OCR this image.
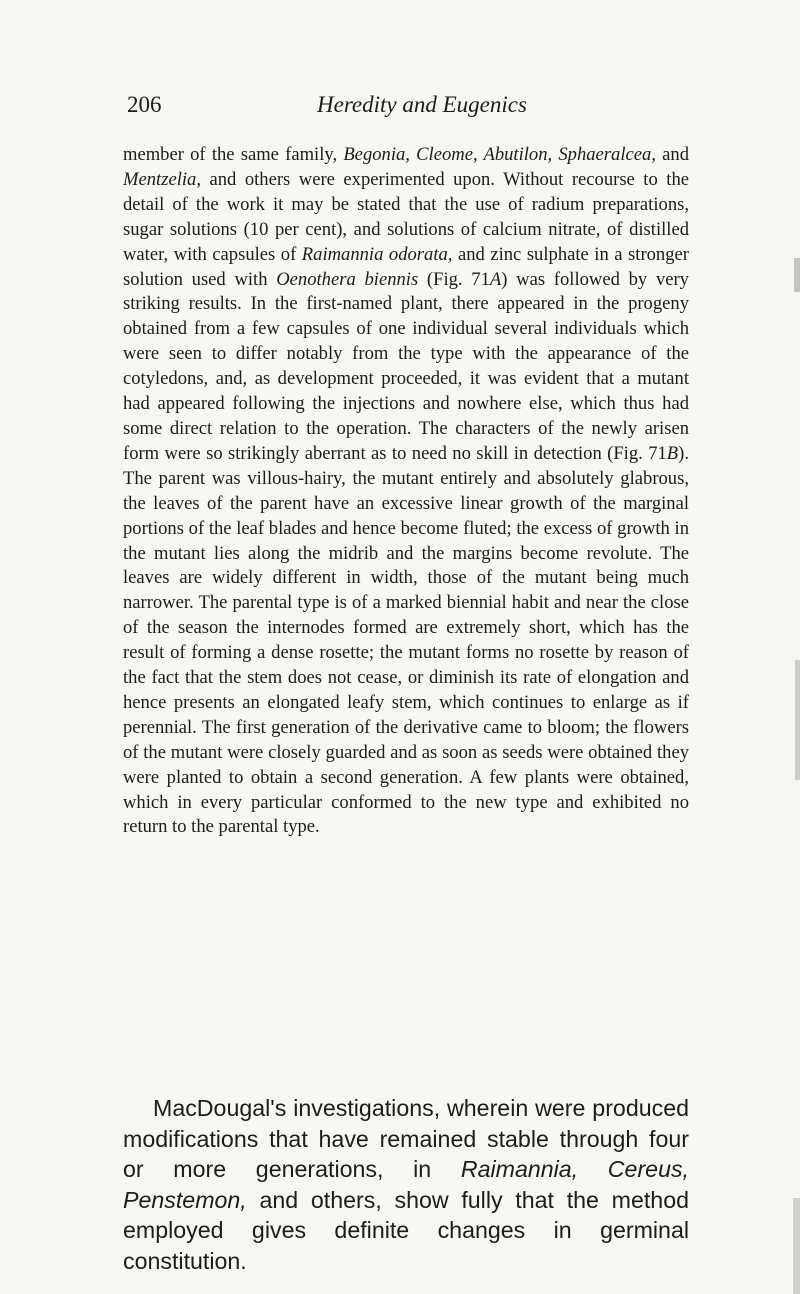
206	Heredity and Eugenics

member of the same family, Begonia, Cleome, Abutilon, Sphaeralcea, and Mentzelia, and others were experimented upon. Without recourse to the detail of the work it may be stated that the use of radium preparations, sugar solutions (10 per cent), and solutions of calcium nitrate, of distilled water, with capsules of Raimannia odorata, and zinc sulphate in a stronger solution used with Oenothera biennis (Fig. 71A) was followed by very striking results. In the first-named plant, there appeared in the progeny obtained from a few capsules of one individual several individuals which were seen to differ notably from the type with the appearance of the cotyledons, and, as development proceeded, it was evident that a mutant had appeared following the injections and nowhere else, which thus had some direct relation to the operation. The characters of the newly arisen form were so strikingly aberrant as to need no skill in detection (Fig. 71B). The parent was villous-hairy, the mutant entirely and absolutely glabrous, the leaves of the parent have an excessive linear growth of the marginal portions of the leaf blades and hence become fluted; the excess of growth in the mutant lies along the midrib and the margins become revolute. The leaves are widely different in width, those of the mutant being much narrower. The parental type is of a marked biennial habit and near the close of the season the internodes formed are extremely short, which has the result of forming a dense rosette; the mutant forms no rosette by reason of the fact that the stem does not cease, or diminish its rate of elongation and hence presents an elongated leafy stem, which continues to enlarge as if perennial. The first generation of the derivative came to bloom; the flowers of the mutant were closely guarded and as soon as seeds were obtained they were planted to obtain a second generation. A few plants were obtained, which in every particular conformed to the new type and exhibited no return to the parental type.

MacDougal's investigations, wherein were produced modifications that have remained stable through four or more generations, in Raimannia, Cereus, Penstemon, and others, show fully that the method employed gives definite changes in germinal constitution.
